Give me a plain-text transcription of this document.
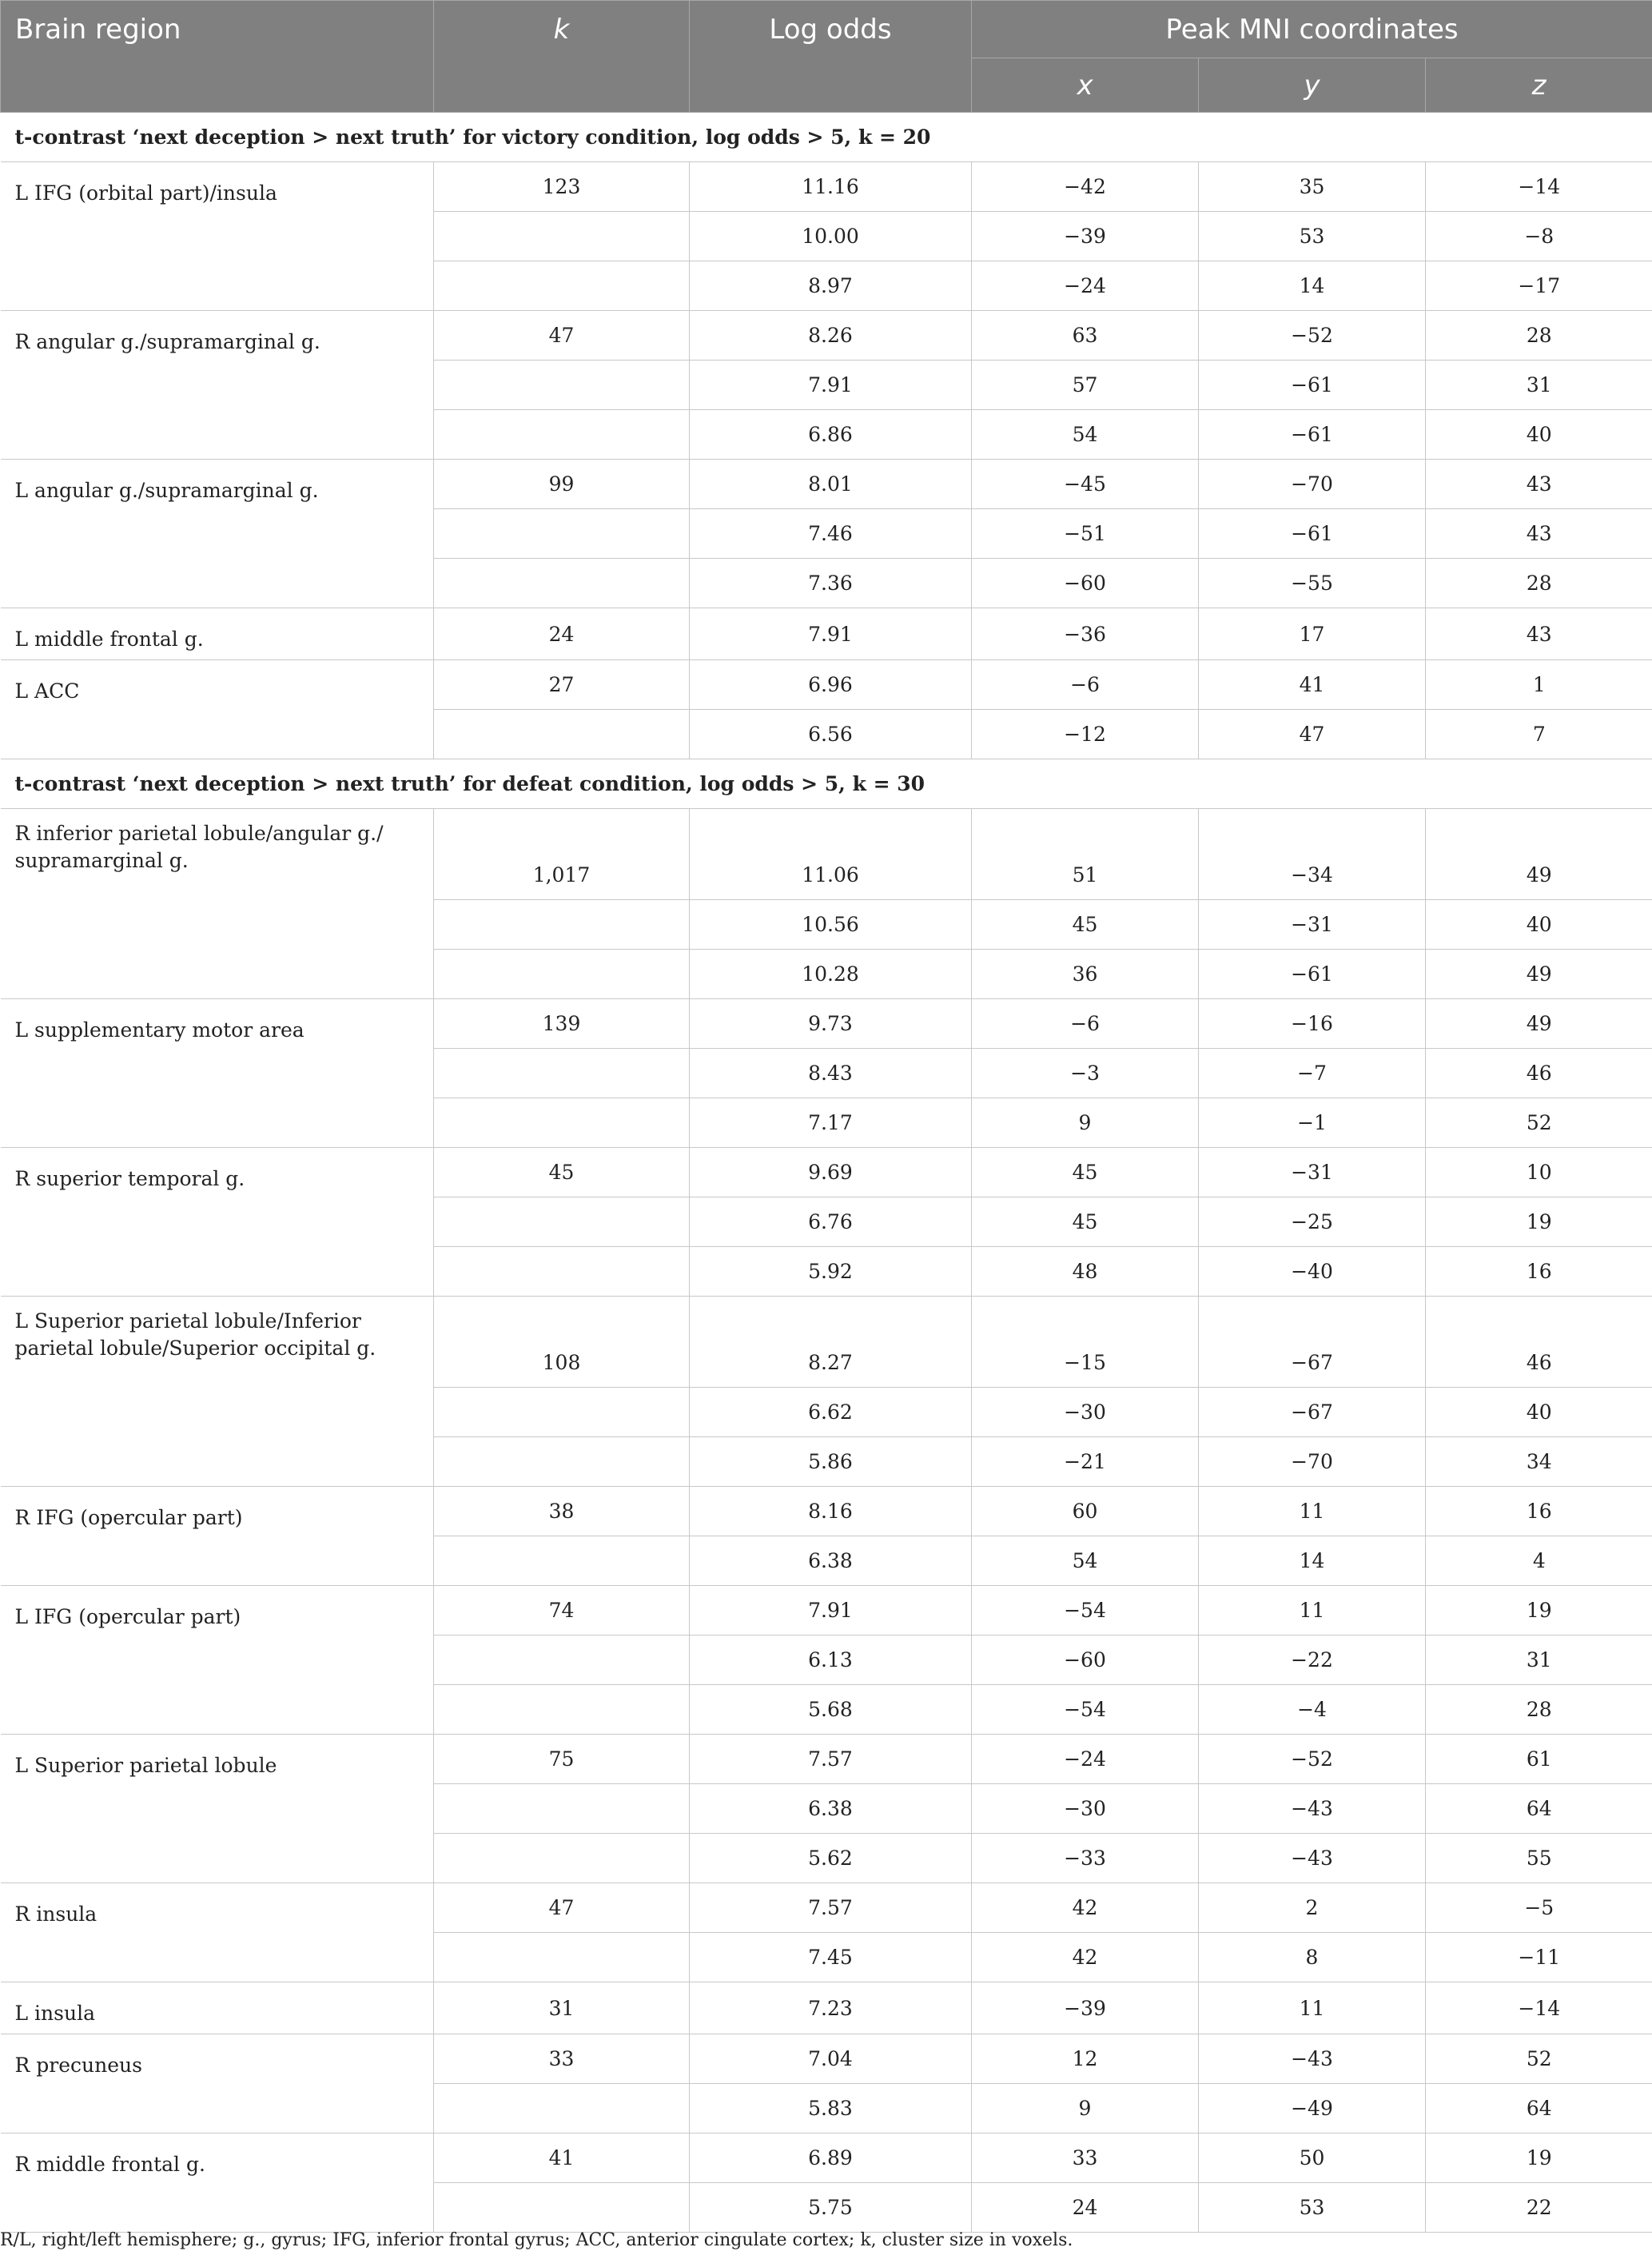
Brain region	k	Log odds	Peak MNI coordinates		
			x	y	z
t-contrast ‘next deception > next truth’ for victory condition, log odds > 5, k = 20					
L IFG (orbital part)/insula	123	11.16	−42	35	−14
		10.00	−39	53	−8
		8.97	−24	14	−17
R angular g./supramarginal g.	47	8.26	63	−52	28
		7.91	57	−61	31
		6.86	54	−61	40
L angular g./supramarginal g.	99	8.01	−45	−70	43
		7.46	−51	−61	43
		7.36	−60	−55	28
L middle frontal g.	24	7.91	−36	17	43
L ACC	27	6.96	−6	41	1
		6.56	−12	47	7
t-contrast ‘next deception > next truth’ for defeat condition, log odds > 5, k = 30					
R inferior parietal lobule/angular g./ supramarginal g.	1,017	11.06	51	−34	49
		10.56	45	−31	40
		10.28	36	−61	49
L supplementary motor area	139	9.73	−6	−16	49
		8.43	−3	−7	46
		7.17	9	−1	52
R superior temporal g.	45	9.69	45	−31	10
		6.76	45	−25	19
		5.92	48	−40	16
L Superior parietal lobule/Inferior parietal lobule/Superior occipital g.	108	8.27	−15	−67	46
		6.62	−30	−67	40
		5.86	−21	−70	34
R IFG (opercular part)	38	8.16	60	11	16
		6.38	54	14	4
L IFG (opercular part)	74	7.91	−54	11	19
		6.13	−60	−22	31
		5.68	−54	−4	28
L Superior parietal lobule	75	7.57	−24	−52	61
		6.38	−30	−43	64
		5.62	−33	−43	55
R insula	47	7.57	42	2	−5
		7.45	42	8	−11
L insula	31	7.23	−39	11	−14
R precuneus	33	7.04	12	−43	52
		5.83	9	−49	64
R middle frontal g.	41	6.89	33	50	19
		5.75	24	53	22
R/L, right/left hemisphere; g., gyrus; IFG, inferior frontal gyrus; ACC, anterior cingulate cortex; k, cluster size in voxels.
